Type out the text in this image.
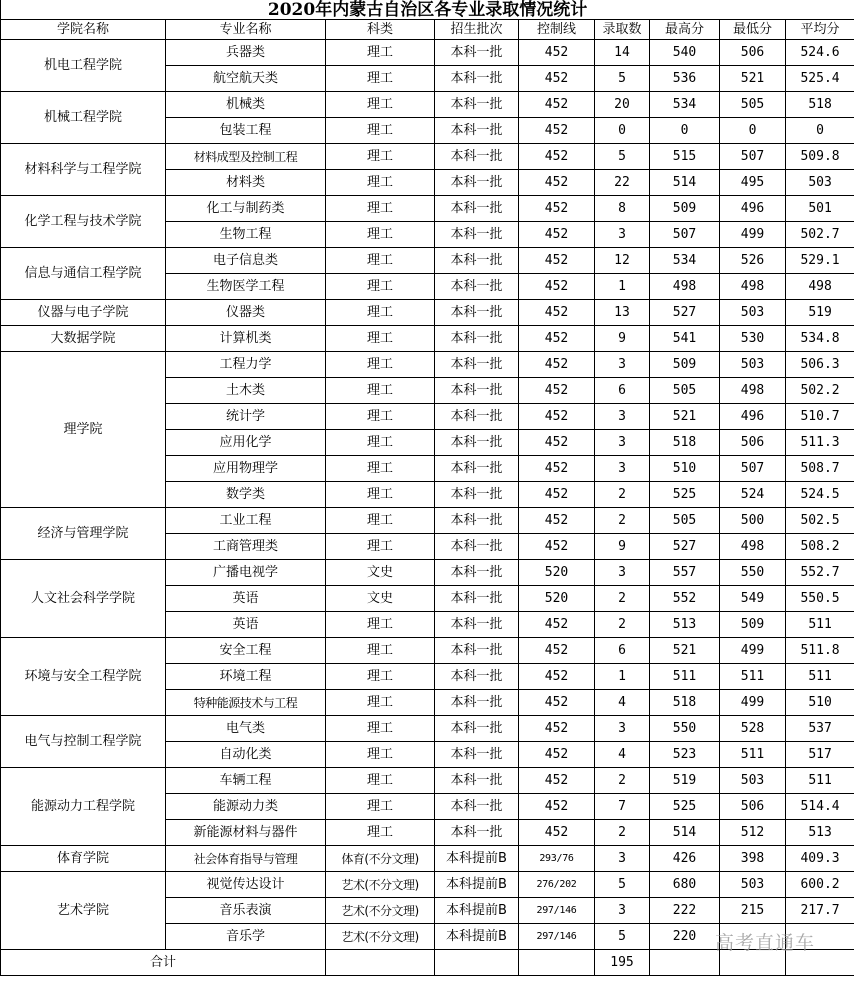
2020年内蒙古自治区各专业录取情况统计								
学院名称	专业名称	科类	招生批次	控制线	录取数	最高分	最低分	平均分
机电工程学院	兵器类	理工	本科一批	452	14	540	506	524.6
	航空航天类	理工	本科一批	452	5	536	521	525.4
机械工程学院	机械类	理工	本科一批	452	20	534	505	518
	包装工程	理工	本科一批	452	0	0	0	0
材料科学与工程学院	材料成型及控制工程	理工	本科一批	452	5	515	507	509.8
	材料类	理工	本科一批	452	22	514	495	503
化学工程与技术学院	化工与制药类	理工	本科一批	452	8	509	496	501
	生物工程	理工	本科一批	452	3	507	499	502.7
信息与通信工程学院	电子信息类	理工	本科一批	452	12	534	526	529.1
	生物医学工程	理工	本科一批	452	1	498	498	498
仪器与电子学院	仪器类	理工	本科一批	452	13	527	503	519
大数据学院	计算机类	理工	本科一批	452	9	541	530	534.8
理学院	工程力学	理工	本科一批	452	3	509	503	506.3
	土木类	理工	本科一批	452	6	505	498	502.2
	统计学	理工	本科一批	452	3	521	496	510.7
	应用化学	理工	本科一批	452	3	518	506	511.3
	应用物理学	理工	本科一批	452	3	510	507	508.7
	数学类	理工	本科一批	452	2	525	524	524.5
经济与管理学院	工业工程	理工	本科一批	452	2	505	500	502.5
	工商管理类	理工	本科一批	452	9	527	498	508.2
人文社会科学学院	广播电视学	文史	本科一批	520	3	557	550	552.7
	英语	文史	本科一批	520	2	552	549	550.5
	英语	理工	本科一批	452	2	513	509	511
环境与安全工程学院	安全工程	理工	本科一批	452	6	521	499	511.8
	环境工程	理工	本科一批	452	1	511	511	511
	特种能源技术与工程	理工	本科一批	452	4	518	499	510
电气与控制工程学院	电气类	理工	本科一批	452	3	550	528	537
	自动化类	理工	本科一批	452	4	523	511	517
能源动力工程学院	车辆工程	理工	本科一批	452	2	519	503	511
	能源动力类	理工	本科一批	452	7	525	506	514.4
	新能源材料与器件	理工	本科一批	452	2	514	512	513
体育学院	社会体育指导与管理	体育(不分文理)	本科提前B	293/76	3	426	398	409.3
艺术学院	视觉传达设计	艺术(不分文理)	本科提前B	276/202	5	680	503	600.2
	音乐表演	艺术(不分文理)	本科提前B	297/146	3	222	215	217.7
	音乐学	艺术(不分文理)	本科提前B	297/146	5	220		
合计					195			
高考直通车
